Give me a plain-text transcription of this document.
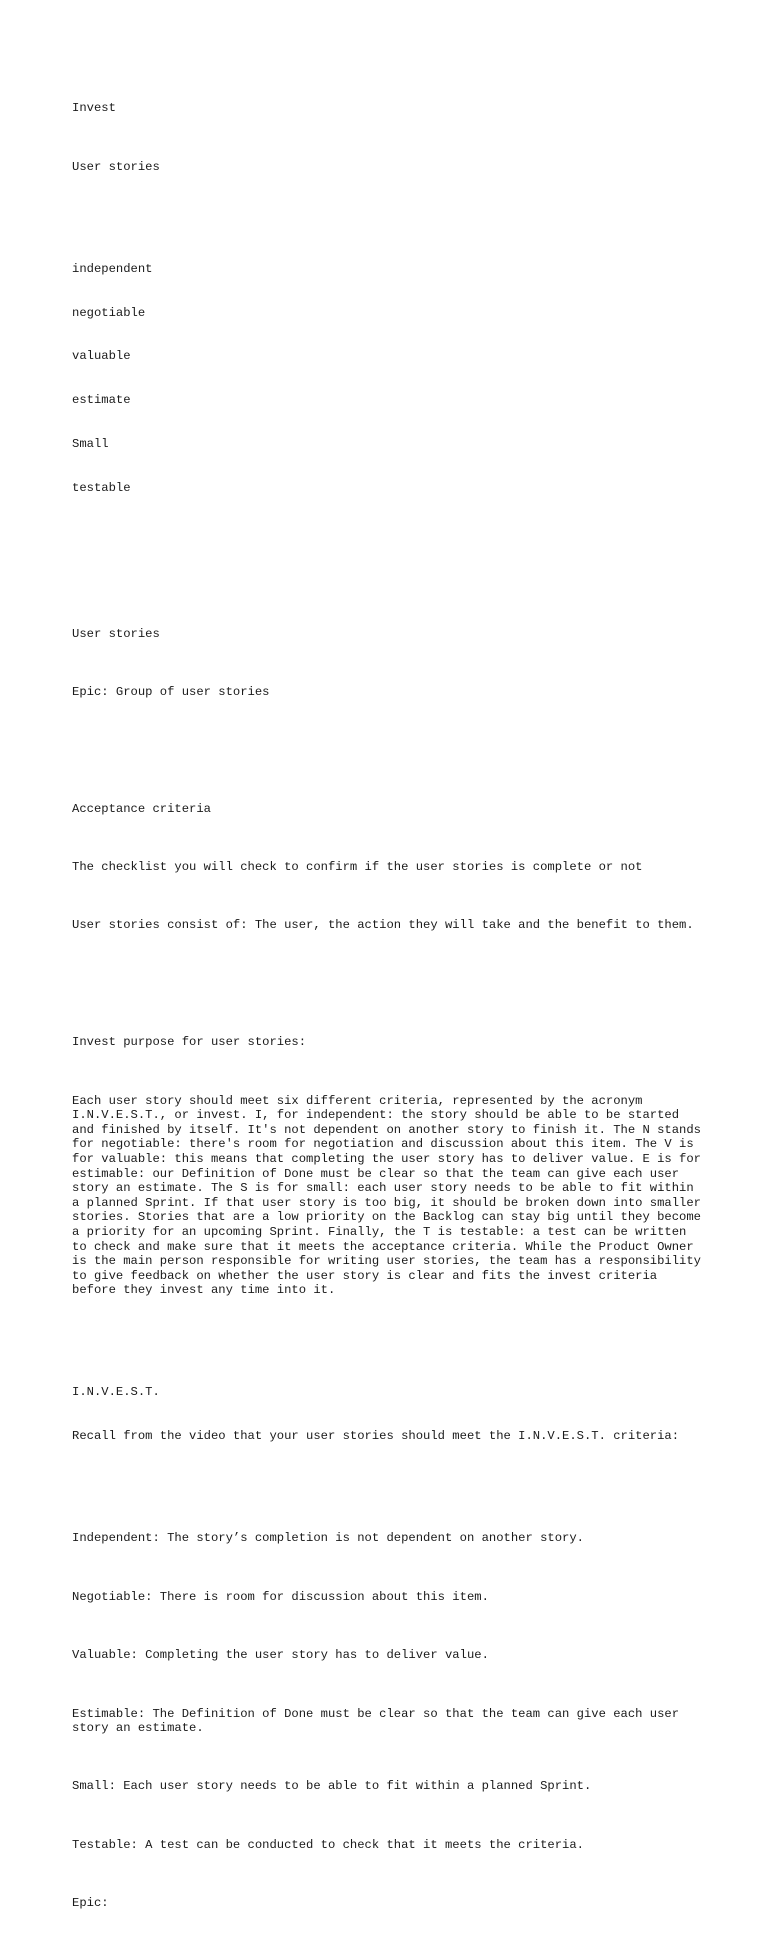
Invest

User stories

independent

negotiable

valuable

estimate

Small

testable

User stories

Epic: Group of user stories

Acceptance criteria

The checklist you will check to confirm if the user stories is complete or not

User stories consist of: The user, the action they will take and the benefit to them.

Invest purpose for user stories:

Each user story should meet six different criteria, represented by the acronym I.N.V.E.S.T., or invest. I, for independent: the story should be able to be started and finished by itself. It's not dependent on another story to finish it. The N stands for negotiable: there's room for negotiation and discussion about this item. The V is for valuable: this means that completing the user story has to deliver value. E is for estimable: our Definition of Done must be clear so that the team can give each user story an estimate. The S is for small: each user story needs to be able to fit within a planned Sprint. If that user story is too big, it should be broken down into smaller stories. Stories that are a low priority on the Backlog can stay big until they become a priority for an upcoming Sprint. Finally, the T is testable: a test can be written to check and make sure that it meets the acceptance criteria. While the Product Owner is the main person responsible for writing user stories, the team has a responsibility to give feedback on whether the user story is clear and fits the invest criteria before they invest any time into it.

I.N.V.E.S.T.

Recall from the video that your user stories should meet the I.N.V.E.S.T. criteria:

Independent: The story’s completion is not dependent on another story.

Negotiable: There is room for discussion about this item.

Valuable: Completing the user story has to deliver value.

Estimable: The Definition of Done must be clear so that the team can give each user story an estimate.

Small: Each user story needs to be able to fit within a planned Sprint.

Testable: A test can be conducted to check that it meets the criteria.

Epic:
